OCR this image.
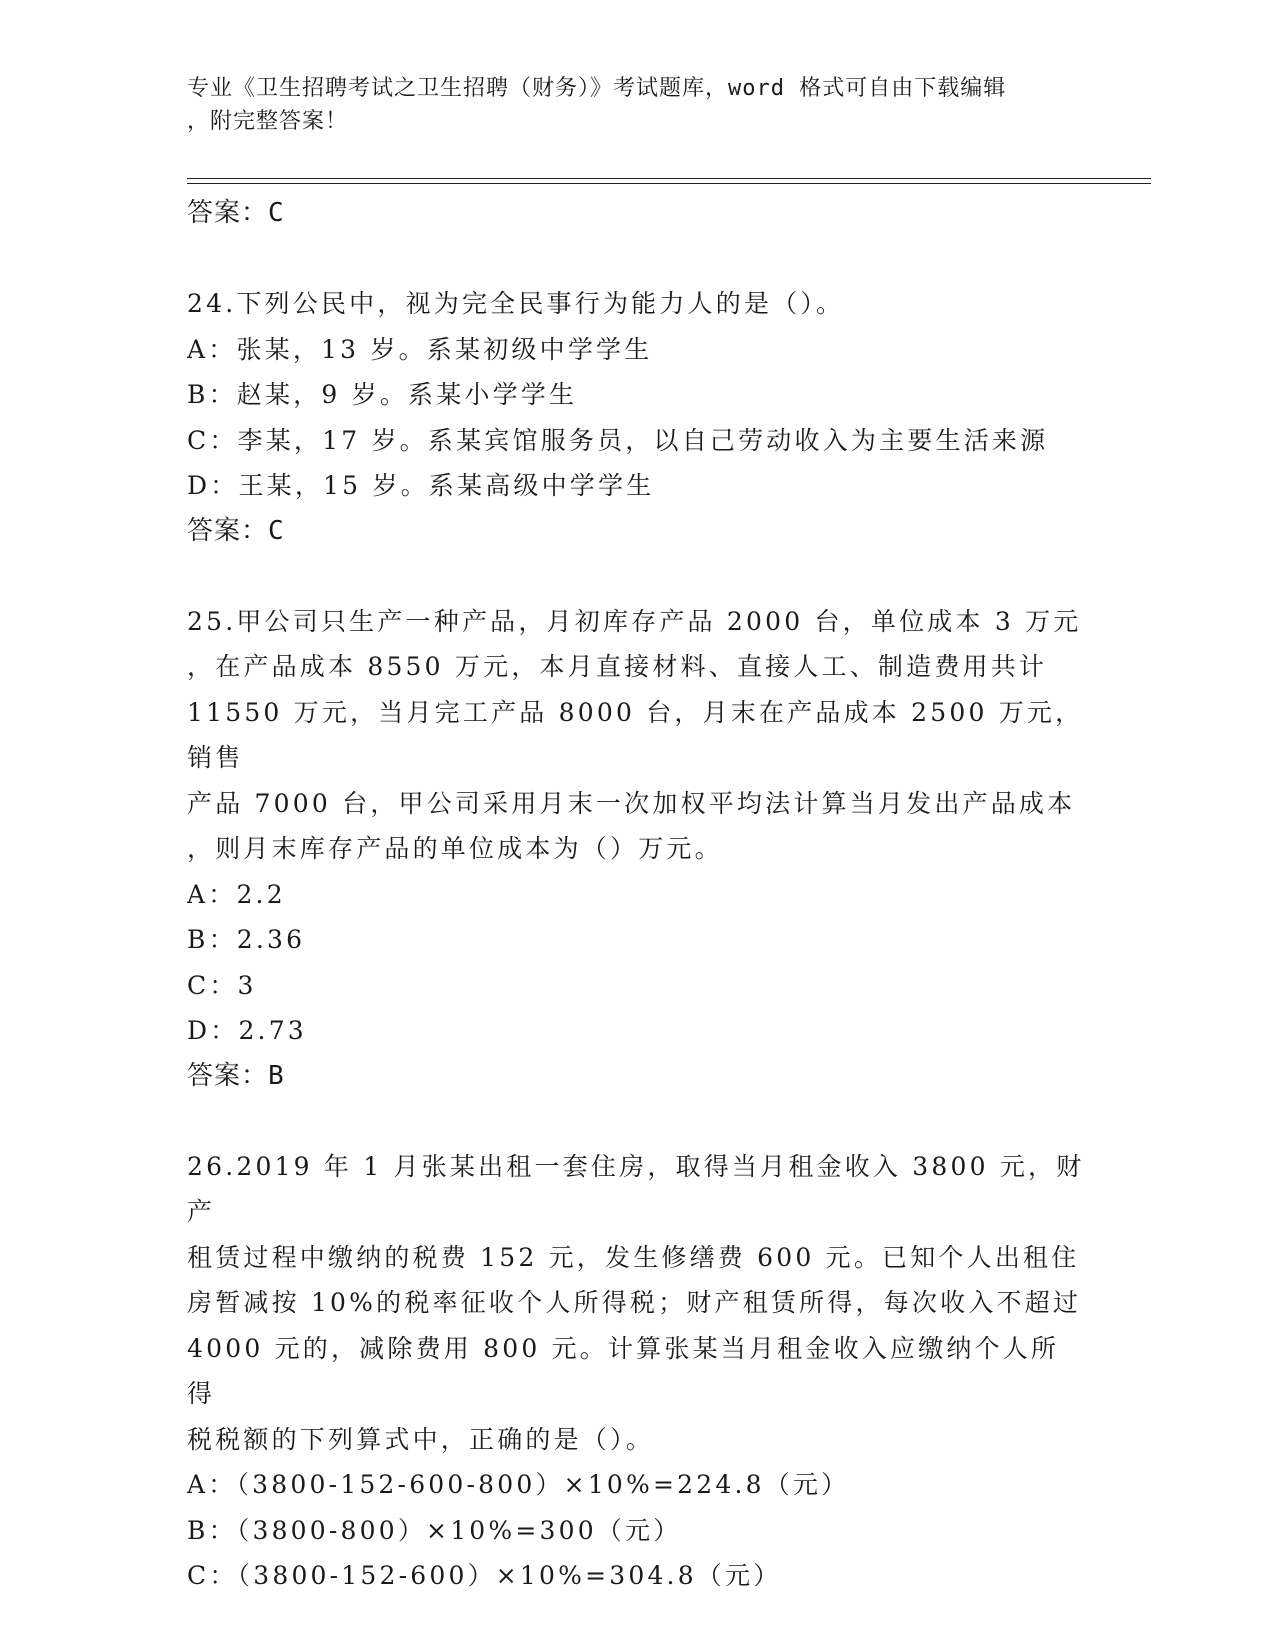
专业《卫生招聘考试之卫生招聘（财务）》考试题库，word 格式可自由下载编辑
，附完整答案！
答案：C
24.下列公民中，视为完全民事行为能力人的是（）。
A：张某，13 岁。系某初级中学学生
B：赵某，9 岁。系某小学学生
C：李某，17 岁。系某宾馆服务员，以自己劳动收入为主要生活来源
D：王某，15 岁。系某高级中学学生
答案：C
25.甲公司只生产一种产品，月初库存产品 2000 台，单位成本 3 万元
，在产品成本 8550 万元，本月直接材料、直接人工、制造费用共计
11550 万元，当月完工产品 8000 台，月末在产品成本 2500 万元，销售
产品 7000 台，甲公司采用月末一次加权平均法计算当月发出产品成本
，则月末库存产品的单位成本为（）万元。
A：2.2
B：2.36
C：3
D：2.73
答案：B
26.2019 年 1 月张某出租一套住房，取得当月租金收入 3800 元，财产
租赁过程中缴纳的税费 152 元，发生修缮费 600 元。已知个人出租住
房暂减按 10%的税率征收个人所得税；财产租赁所得，每次收入不超过
4000 元的，减除费用 800 元。计算张某当月租金收入应缴纳个人所得
税税额的下列算式中，正确的是（）。
A：（3800-152-600-800）×10%=224.8（元）
B：（3800-800）×10%=300（元）
C：（3800-152-600）×10%=304.8（元）
